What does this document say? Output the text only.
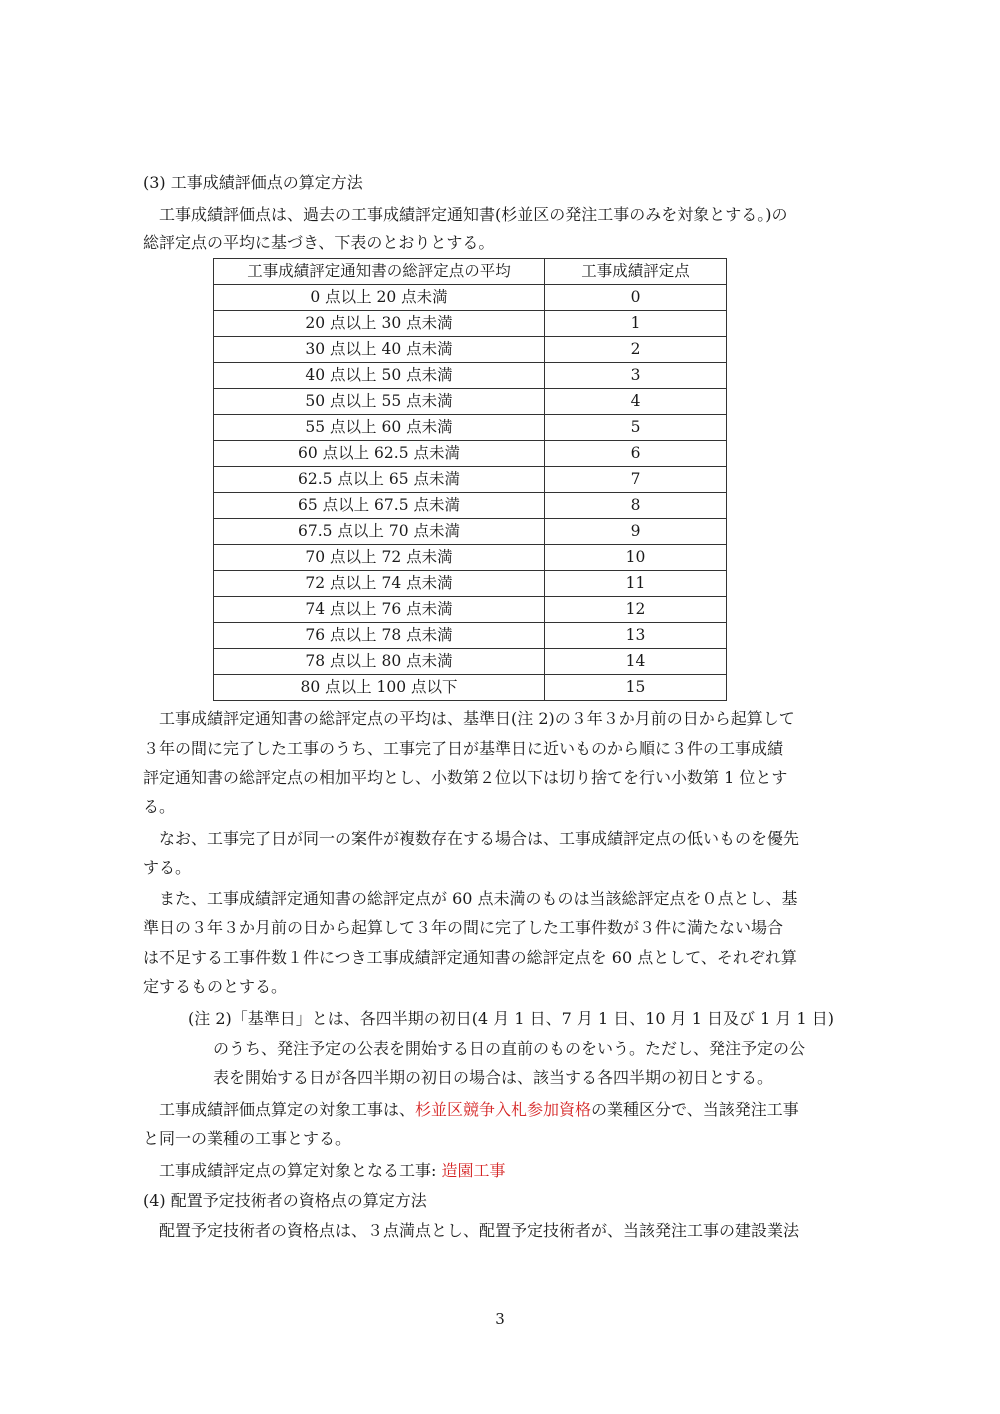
(3) 工事成績評価点の算定方法
　工事成績評価点は、過去の工事成績評定通知書(杉並区の発注工事のみを対象とする。)の
総評定点の平均に基づき、下表のとおりとする。
工事成績評定通知書の総評定点の平均	工事成績評定点
0 点以上 20 点未満	0
20 点以上 30 点未満	1
30 点以上 40 点未満	2
40 点以上 50 点未満	3
50 点以上 55 点未満	4
55 点以上 60 点未満	5
60 点以上 62.5 点未満	6
62.5 点以上 65 点未満	7
65 点以上 67.5 点未満	8
67.5 点以上 70 点未満	9
70 点以上 72 点未満	10
72 点以上 74 点未満	11
74 点以上 76 点未満	12
76 点以上 78 点未満	13
78 点以上 80 点未満	14
80 点以上 100 点以下	15
　工事成績評定通知書の総評定点の平均は、基準日(注 2)の３年３か月前の日から起算して
３年の間に完了した工事のうち、工事完了日が基準日に近いものから順に３件の工事成績
評定通知書の総評定点の相加平均とし、小数第２位以下は切り捨てを行い小数第 1 位とす
る。
　なお、工事完了日が同一の案件が複数存在する場合は、工事成績評定点の低いものを優先
する。
　また、工事成績評定通知書の総評定点が 60 点未満のものは当該総評定点を０点とし、基
準日の３年３か月前の日から起算して３年の間に完了した工事件数が３件に満たない場合
は不足する工事件数１件につき工事成績評定通知書の総評定点を 60 点として、それぞれ算
定するものとする。
(注 2)「基準日」とは、各四半期の初日(4 月 1 日、7 月 1 日、10 月 1 日及び 1 月 1 日)
のうち、発注予定の公表を開始する日の直前のものをいう。ただし、発注予定の公
表を開始する日が各四半期の初日の場合は、該当する各四半期の初日とする。
　工事成績評価点算定の対象工事は、杉並区競争入札参加資格の業種区分で、当該発注工事
と同一の業種の工事とする。
　工事成績評定点の算定対象となる工事: 造園工事
(4) 配置予定技術者の資格点の算定方法
　配置予定技術者の資格点は、３点満点とし、配置予定技術者が、当該発注工事の建設業法
3
